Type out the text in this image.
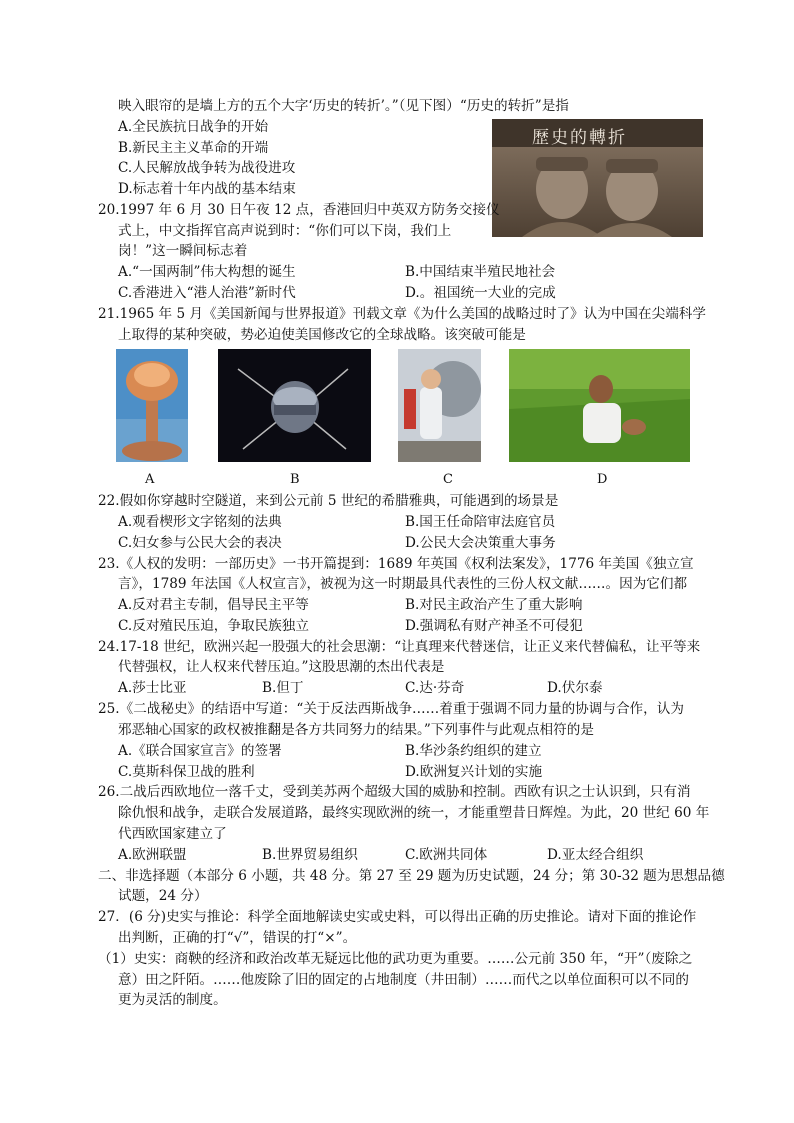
映入眼帘的是墙上方的五个大字‘历史的转折’。”（见下图）“历史的转折”是指
A.全民族抗日战争的开始
B.新民主主义革命的开端
C.人民解放战争转为战役进攻
D.标志着十年内战的基本结束
歷史的轉折
20.1997 年 6 月 30 日午夜 12 点，香港回归中英双方防务交接仪
式上，中文指挥官高声说到时：“你们可以下岗，我们上
岗！”这一瞬间标志着
A.“一国两制”伟大构想的诞生	B.中国结束半殖民地社会
C.香港进入“港人治港”新时代	D.。祖国统一大业的完成
21.1965 年 5 月《美国新闻与世界报道》刊载文章《为什么美国的战略过时了》认为中国在尖端科学
上取得的某种突破，势必迫使美国修改它的全球战略。该突破可能是
A	B	C	D
22.假如你穿越时空隧道，来到公元前 5 世纪的希腊雅典，可能遇到的场景是
A.观看楔形文字铭刻的法典	B.国王任命陪审法庭官员
C.妇女参与公民大会的表决	D.公民大会决策重大事务
23.《人权的发明：一部历史》一书开篇提到：1689 年英国《权利法案发》，1776 年美国《独立宣
言》，1789 年法国《人权宣言》，被视为这一时期最具代表性的三份人权文献……。因为它们都
A.反对君主专制，倡导民主平等	B.对民主政治产生了重大影响
C.反对殖民压迫，争取民族独立	D.强调私有财产神圣不可侵犯
24.17-18 世纪，欧洲兴起一股强大的社会思潮：“让真理来代替迷信，让正义来代替偏私，让平等来
代替强权，让人权来代替压迫。”这股思潮的杰出代表是
A.莎士比亚	B.但丁	C.达·芬奇	D.伏尔泰
25.《二战秘史》的结语中写道：“关于反法西斯战争……着重于强调不同力量的协调与合作，认为
邪恶轴心国家的政权被推翻是各方共同努力的结果。”下列事件与此观点相符的是
A.《联合国家宣言》的签署	B.华沙条约组织的建立
C.莫斯科保卫战的胜利	D.欧洲复兴计划的实施
26.二战后西欧地位一落千丈，受到美苏两个超级大国的威胁和控制。西欧有识之士认识到，只有消
除仇恨和战争，走联合发展道路，最终实现欧洲的统一，才能重塑昔日辉煌。为此，20 世纪 60 年
代西欧国家建立了
A.欧洲联盟	B.世界贸易组织	C.欧洲共同体	D.亚太经合组织
二、非选择题（本部分 6 小题，共 48 分。第 27 至 29 题为历史试题，24 分；第 30-32 题为思想品德
试题，24 分）
27．(6 分)史实与推论：科学全面地解读史实或史料，可以得出正确的历史推论。请对下面的推论作
出判断，正确的打“√”，错误的打“×”。
（1）史实：商鞅的经济和政治改革无疑远比他的武功更为重要。……公元前 350 年，“开”（废除之
意）田之阡陌。……他废除了旧的固定的占地制度（井田制）……而代之以单位面积可以不同的
更为灵活的制度。
